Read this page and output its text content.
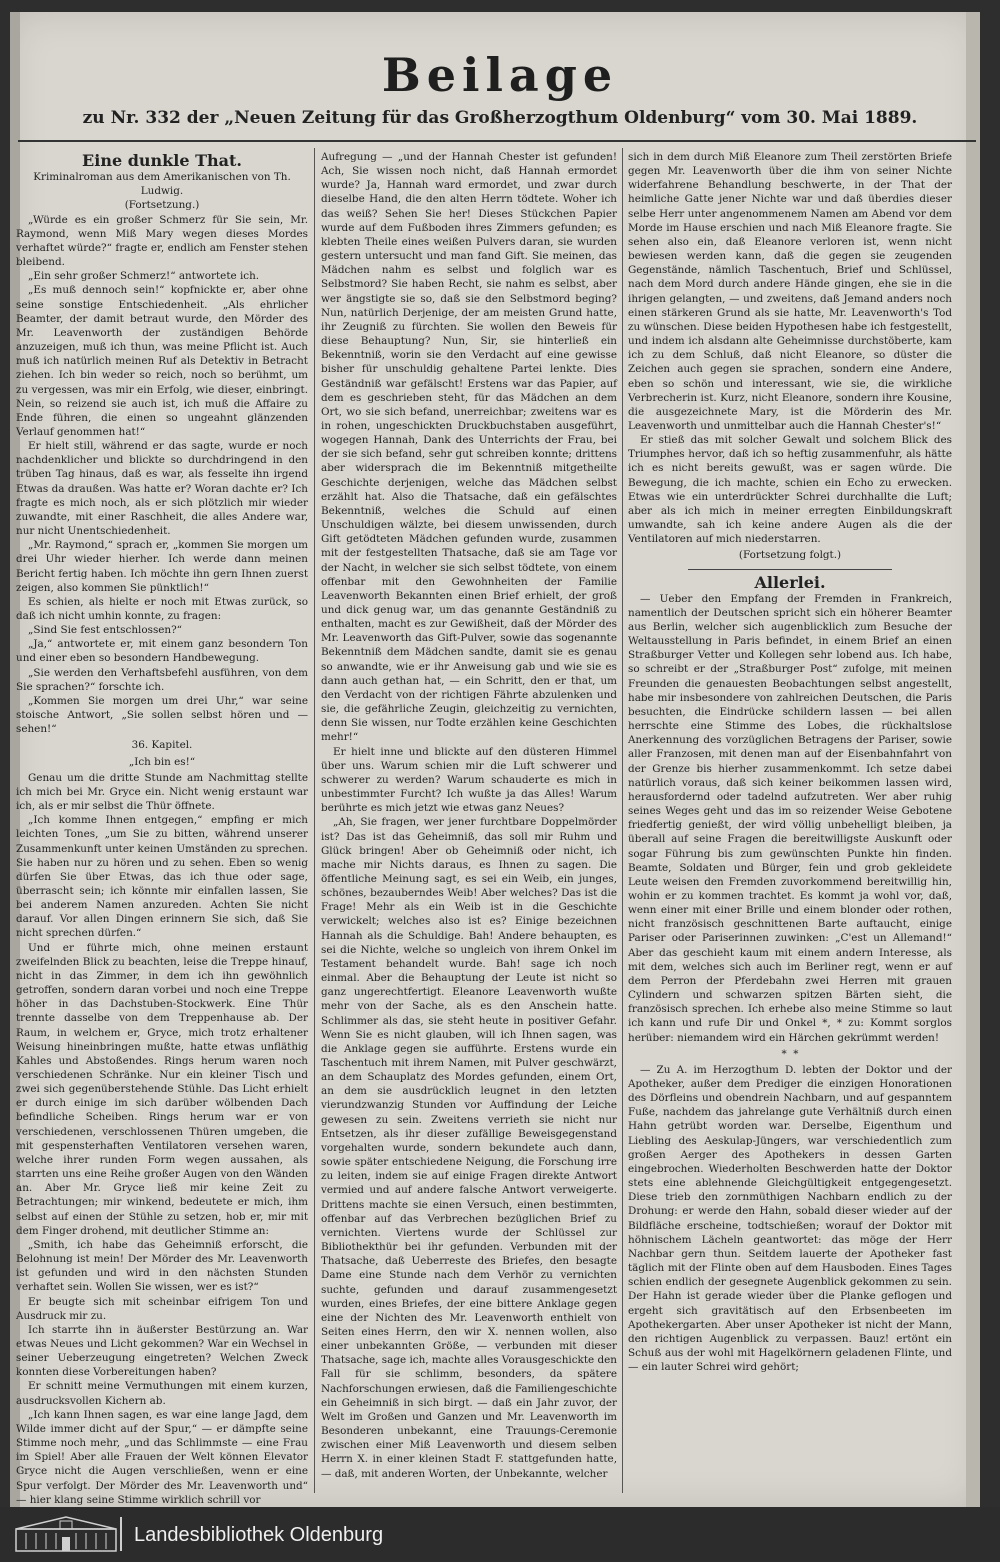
Beilage
zu Nr. 332 der „Neuen Zeitung für das Großherzogthum Oldenburg“ vom 30. Mai 1889.
Eine dunkle That.
Kriminalroman aus dem Amerikanischen von Th. Ludwig.
(Fortsetzung.)

„Würde es ein großer Schmerz für Sie sein, Mr. Raymond, wenn Miß Mary wegen dieses Mordes verhaftet würde?“ fragte er, endlich am Fenster stehen bleibend.

„Ein sehr großer Schmerz!“ antwortete ich.

„Es muß dennoch sein!“ kopfnickte er, aber ohne seine sonstige Entschiedenheit. „Als ehrlicher Beamter, der damit betraut wurde, den Mörder des Mr. Leavenworth der zuständigen Behörde anzuzeigen, muß ich thun, was meine Pflicht ist. Auch muß ich natürlich meinen Ruf als Detektiv in Betracht ziehen. Ich bin weder so reich, noch so berühmt, um zu vergessen, was mir ein Erfolg, wie dieser, einbringt. Nein, so reizend sie auch ist, ich muß die Affaire zu Ende führen, die einen so ungeahnt glänzenden Verlauf genommen hat!“

Er hielt still, während er das sagte, wurde er noch nachdenklicher und blickte so durchdringend in den trüben Tag hinaus, daß es war, als fesselte ihn irgend Etwas da draußen. Was hatte er? Woran dachte er? Ich fragte es mich noch, als er sich plötzlich mir wieder zuwandte, mit einer Raschheit, die alles Andere war, nur nicht Unentschiedenheit.

„Mr. Raymond,“ sprach er, „kommen Sie morgen um drei Uhr wieder hierher. Ich werde dann meinen Bericht fertig haben. Ich möchte ihn gern Ihnen zuerst zeigen, also kommen Sie pünktlich!“

Es schien, als hielte er noch mit Etwas zurück, so daß ich nicht umhin konnte, zu fragen:

„Sind Sie fest entschlossen?“

„Ja,“ antwortete er, mit einem ganz besondern Ton und einer eben so besondern Handbewegung.

„Sie werden den Verhaftsbefehl ausführen, von dem Sie sprachen?“ forschte ich.

„Kommen Sie morgen um drei Uhr,“ war seine stoische Antwort, „Sie sollen selbst hören und — sehen!“

36. Kapitel.
„Ich bin es!“

Genau um die dritte Stunde am Nachmittag stellte ich mich bei Mr. Gryce ein. Nicht wenig erstaunt war ich, als er mir selbst die Thür öffnete.

„Ich komme Ihnen entgegen,“ empfing er mich leichten Tones, „um Sie zu bitten, während unserer Zusammenkunft unter keinen Umständen zu sprechen. Sie haben nur zu hören und zu sehen. Eben so wenig dürfen Sie über Etwas, das ich thue oder sage, überrascht sein; ich könnte mir einfallen lassen, Sie bei anderem Namen anzureden. Achten Sie nicht darauf. Vor allen Dingen erinnern Sie sich, daß Sie nicht sprechen dürfen.“

Und er führte mich, ohne meinen erstaunt zweifelnden Blick zu beachten, leise die Treppe hinauf, nicht in das Zimmer, in dem ich ihn gewöhnlich getroffen, sondern daran vorbei und noch eine Treppe höher in das Dachstuben-Stockwerk. Eine Thür trennte dasselbe von dem Treppenhause ab. Der Raum, in welchem er, Gryce, mich trotz erhaltener Weisung hineinbringen mußte, hatte etwas unfläthig Kahles und Abstoßendes. Rings herum waren noch verschiedenen Schränke. Nur ein kleiner Tisch und zwei sich gegenüberstehende Stühle. Das Licht erhielt er durch einige im sich darüber wölbenden Dach befindliche Scheiben. Rings herum war er von verschiedenen, verschlossenen Thüren umgeben, die mit gespensterhaften Ventilatoren versehen waren, welche ihrer runden Form wegen aussahen, als starrten uns eine Reihe großer Augen von den Wänden an. Aber Mr. Gryce ließ mir keine Zeit zu Betrachtungen; mir winkend, bedeutete er mich, ihm selbst auf einen der Stühle zu setzen, hob er, mir mit dem Finger drohend, mit deutlicher Stimme an:

„Smith, ich habe das Geheimniß erforscht, die Belohnung ist mein! Der Mörder des Mr. Leavenworth ist gefunden und wird in den nächsten Stunden verhaftet sein. Wollen Sie wissen, wer es ist?“

Er beugte sich mit scheinbar eifrigem Ton und Ausdruck mir zu.

Ich starrte ihn in äußerster Bestürzung an. War etwas Neues und Licht gekommen? War ein Wechsel in seiner Ueberzeugung eingetreten? Welchen Zweck konnten diese Vorbereitungen haben?

Er schnitt meine Vermuthungen mit einem kurzen, ausdrucksvollen Kichern ab.

„Ich kann Ihnen sagen, es war eine lange Jagd, dem Wilde immer dicht auf der Spur,“ — er dämpfte seine Stimme noch mehr, „und das Schlimmste — eine Frau im Spiel! Aber alle Frauen der Welt können Elevator Gryce nicht die Augen verschließen, wenn er eine Spur verfolgt. Der Mörder des Mr. Leavenworth und“ — hier klang seine Stimme wirklich schrill vor

Aufregung — „und der Hannah Chester ist gefunden! Ach, Sie wissen noch nicht, daß Hannah ermordet wurde? Ja, Hannah ward ermordet, und zwar durch dieselbe Hand, die den alten Herrn tödtete. Woher ich das weiß? Sehen Sie her! Dieses Stückchen Papier wurde auf dem Fußboden ihres Zimmers gefunden; es klebten Theile eines weißen Pulvers daran, sie wurden gestern untersucht und man fand Gift. Sie meinen, das Mädchen nahm es selbst und folglich war es Selbstmord? Sie haben Recht, sie nahm es selbst, aber wer ängstigte sie so, daß sie den Selbstmord beging? Nun, natürlich Derjenige, der am meisten Grund hatte, ihr Zeugniß zu fürchten. Sie wollen den Beweis für diese Behauptung? Nun, Sir, sie hinterließ ein Bekenntniß, worin sie den Verdacht auf eine gewisse bisher für unschuldig gehaltene Partei lenkte. Dies Geständniß war gefälscht! Erstens war das Papier, auf dem es geschrieben steht, für das Mädchen an dem Ort, wo sie sich befand, unerreichbar; zweitens war es in rohen, ungeschickten Druckbuchstaben ausgeführt, wogegen Hannah, Dank des Unterrichts der Frau, bei der sie sich befand, sehr gut schreiben konnte; drittens aber widersprach die im Bekenntniß mitgetheilte Geschichte derjenigen, welche das Mädchen selbst erzählt hat. Also die Thatsache, daß ein gefälschtes Bekenntniß, welches die Schuld auf einen Unschuldigen wälzte, bei diesem unwissenden, durch Gift getödteten Mädchen gefunden wurde, zusammen mit der festgestellten Thatsache, daß sie am Tage vor der Nacht, in welcher sie sich selbst tödtete, von einem offenbar mit den Gewohnheiten der Familie Leavenworth Bekannten einen Brief erhielt, der groß und dick genug war, um das genannte Geständniß zu enthalten, macht es zur Gewißheit, daß der Mörder des Mr. Leavenworth das Gift-Pulver, sowie das sogenannte Bekenntniß dem Mädchen sandte, damit sie es genau so anwandte, wie er ihr Anweisung gab und wie sie es dann auch gethan hat, — ein Schritt, den er that, um den Verdacht von der richtigen Fährte abzulenken und sie, die gefährliche Zeugin, gleichzeitig zu vernichten, denn Sie wissen, nur Todte erzählen keine Geschichten mehr!“

Er hielt inne und blickte auf den düsteren Himmel über uns. Warum schien mir die Luft schwerer und schwerer zu werden? Warum schauderte es mich in unbestimmter Furcht? Ich wußte ja das Alles! Warum berührte es mich jetzt wie etwas ganz Neues?

„Ah, Sie fragen, wer jener furchtbare Doppelmörder ist? Das ist das Geheimniß, das soll mir Ruhm und Glück bringen! Aber ob Geheimniß oder nicht, ich mache mir Nichts daraus, es Ihnen zu sagen. Die öffentliche Meinung sagt, es sei ein Weib, ein junges, schönes, bezauberndes Weib! Aber welches? Das ist die Frage! Mehr als ein Weib ist in die Geschichte verwickelt; welches also ist es? Einige bezeichnen Hannah als die Schuldige. Bah! Andere behaupten, es sei die Nichte, welche so ungleich von ihrem Onkel im Testament behandelt wurde. Bah! sage ich noch einmal. Aber die Behauptung der Leute ist nicht so ganz ungerechtfertigt. Eleanore Leavenworth wußte mehr von der Sache, als es den Anschein hatte. Schlimmer als das, sie steht heute in positiver Gefahr. Wenn Sie es nicht glauben, will ich Ihnen sagen, was die Anklage gegen sie aufführte. Erstens wurde ein Taschentuch mit ihrem Namen, mit Pulver geschwärzt, an dem Schauplatz des Mordes gefunden, einem Ort, an dem sie ausdrücklich leugnet in den letzten vierundzwanzig Stunden vor Auffindung der Leiche gewesen zu sein. Zweitens verrieth sie nicht nur Entsetzen, als ihr dieser zufällige Beweisgegenstand vorgehalten wurde, sondern bekundete auch dann, sowie später entschiedene Neigung, die Forschung irre zu leiten, indem sie auf einige Fragen direkte Antwort vermied und auf andere falsche Antwort verweigerte. Drittens machte sie einen Versuch, einen bestimmten, offenbar auf das Verbrechen bezüglichen Brief zu vernichten. Viertens wurde der Schlüssel zur Bibliothekthür bei ihr gefunden. Verbunden mit der Thatsache, daß Ueberreste des Briefes, den besagte Dame eine Stunde nach dem Verhör zu vernichten suchte, gefunden und darauf zusammengesetzt wurden, eines Briefes, der eine bittere Anklage gegen eine der Nichten des Mr. Leavenworth enthielt von Seiten eines Herrn, den wir X. nennen wollen, also einer unbekannten Größe, — verbunden mit dieser Thatsache, sage ich, machte alles Vorausgeschickte den Fall für sie schlimm, besonders, da spätere Nachforschungen erwiesen, daß die Familiengeschichte ein Geheimniß in sich birgt. — daß ein Jahr zuvor, der Welt im Großen und Ganzen und Mr. Leavenworth im Besonderen unbekannt, eine Trauungs-Ceremonie zwischen einer Miß Leavenworth und diesem selben Herrn X. in einer kleinen Stadt F. stattgefunden hatte, — daß, mit anderen Worten, der Unbekannte, welcher

sich in dem durch Miß Eleanore zum Theil zerstörten Briefe gegen Mr. Leavenworth über die ihm von seiner Nichte widerfahrene Behandlung beschwerte, in der That der heimliche Gatte jener Nichte war und daß überdies dieser selbe Herr unter angenommenem Namen am Abend vor dem Morde im Hause erschien und nach Miß Eleanore fragte. Sie sehen also ein, daß Eleanore verloren ist, wenn nicht bewiesen werden kann, daß die gegen sie zeugenden Gegenstände, nämlich Taschentuch, Brief und Schlüssel, nach dem Mord durch andere Hände gingen, ehe sie in die ihrigen gelangten, — und zweitens, daß Jemand anders noch einen stärkeren Grund als sie hatte, Mr. Leavenworth's Tod zu wünschen. Diese beiden Hypothesen habe ich festgestellt, und indem ich alsdann alte Geheimnisse durchstöberte, kam ich zu dem Schluß, daß nicht Eleanore, so düster die Zeichen auch gegen sie sprachen, sondern eine Andere, eben so schön und interessant, wie sie, die wirkliche Verbrecherin ist. Kurz, nicht Eleanore, sondern ihre Kousine, die ausgezeichnete Mary, ist die Mörderin des Mr. Leavenworth und unmittelbar auch die Hannah Chester's!“

Er stieß das mit solcher Gewalt und solchem Blick des Triumphes hervor, daß ich so heftig zusammenfuhr, als hätte ich es nicht bereits gewußt, was er sagen würde. Die Bewegung, die ich machte, schien ein Echo zu erwecken. Etwas wie ein unterdrückter Schrei durchhallte die Luft; aber als ich mich in meiner erregten Einbildungskraft umwandte, sah ich keine andere Augen als die der Ventilatoren auf mich niederstarren.

(Fortsetzung folgt.)
Allerlei.

— Ueber den Empfang der Fremden in Frankreich, namentlich der Deutschen spricht sich ein höherer Beamter aus Berlin, welcher sich augenblicklich zum Besuche der Weltausstellung in Paris befindet, in einem Brief an einen Straßburger Vetter und Kollegen sehr lobend aus. Ich habe, so schreibt er der „Straßburger Post“ zufolge, mit meinen Freunden die genauesten Beobachtungen selbst angestellt, habe mir insbesondere von zahlreichen Deutschen, die Paris besuchten, die Eindrücke schildern lassen — bei allen herrschte eine Stimme des Lobes, die rückhaltslose Anerkennung des vorzüglichen Betragens der Pariser, sowie aller Franzosen, mit denen man auf der Eisenbahnfahrt von der Grenze bis hierher zusammenkommt. Ich setze dabei natürlich voraus, daß sich keiner beikommen lassen wird, herausfordernd oder tadelnd aufzutreten. Wer aber ruhig seines Weges geht und das im so reizender Weise Gebotene friedfertig genießt, der wird völlig unbehelligt bleiben, ja überall auf seine Fragen die bereitwilligste Auskunft oder sogar Führung bis zum gewünschten Punkte hin finden. Beamte, Soldaten und Bürger, fein und grob gekleidete Leute weisen den Fremden zuvorkommend bereitwillig hin, wohin er zu kommen trachtet. Es kommt ja wohl vor, daß, wenn einer mit einer Brille und einem blonder oder rothen, nicht französisch geschnittenen Barte auftaucht, einige Pariser oder Pariserinnen zuwinken: „C'est un Allemand!“ Aber das geschieht kaum mit einem andern Interesse, als mit dem, welches sich auch im Berliner regt, wenn er auf dem Perron der Pferdebahn zwei Herren mit grauen Cylindern und schwarzen spitzen Bärten sieht, die französisch sprechen. Ich erhebe also meine Stimme so laut ich kann und rufe Dir und Onkel *, * zu: Kommt sorglos herüber: niemandem wird ein Härchen gekrümmt werden!

*  *

— Zu A. im Herzogthum D. lebten der Doktor und der Apotheker, außer dem Prediger die einzigen Honorationen des Dörfleins und obendrein Nachbarn, und auf gespanntem Fuße, nachdem das jahrelange gute Verhältniß durch einen Hahn getrübt worden war. Derselbe, Eigenthum und Liebling des Aeskulap-Jüngers, war verschiedentlich zum großen Aerger des Apothekers in dessen Garten eingebrochen. Wiederholten Beschwerden hatte der Doktor stets eine ablehnende Gleichgültigkeit entgegengesetzt. Diese trieb den zornmüthigen Nachbarn endlich zu der Drohung: er werde den Hahn, sobald dieser wieder auf der Bildfläche erscheine, todtschießen; worauf der Doktor mit höhnischem Lächeln geantwortet: das möge der Herr Nachbar gern thun. Seitdem lauerte der Apotheker fast täglich mit der Flinte oben auf dem Hausboden. Eines Tages schien endlich der gesegnete Augenblick gekommen zu sein. Der Hahn ist gerade wieder über die Planke geflogen und ergeht sich gravitätisch auf den Erbsenbeeten im Apothekergarten. Aber unser Apotheker ist nicht der Mann, den richtigen Augenblick zu verpassen. Bauz! ertönt ein Schuß aus der wohl mit Hagelkörnern geladenen Flinte, und — ein lauter Schrei wird gehört;

Landesbibliothek Oldenburg
